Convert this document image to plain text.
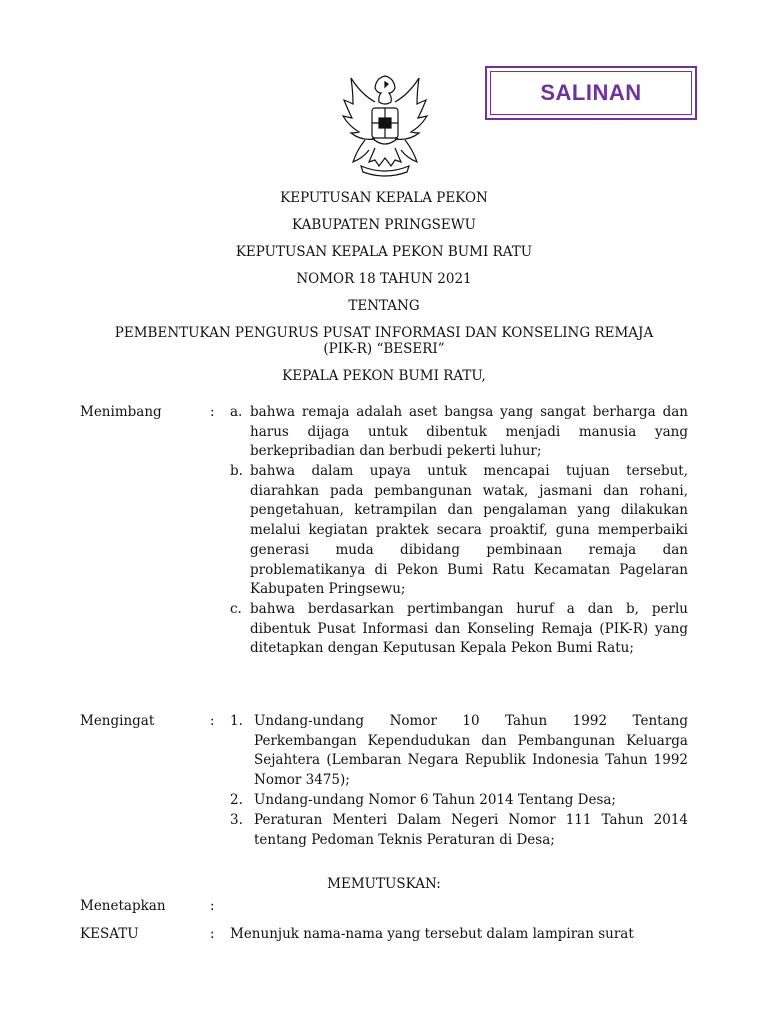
SALINAN
KEPUTUSAN KEPALA PEKON
KABUPATEN PRINGSEWU
KEPUTUSAN KEPALA PEKON BUMI RATU
NOMOR 18 TAHUN 2021
TENTANG
PEMBENTUKAN PENGURUS PUSAT INFORMASI DAN KONSELING REMAJA
(PIK-R) “BESERI”
KEPALA PEKON BUMI RATU,
Menimbang	: a. bahwa remaja adalah aset bangsa yang sangat berharga dan harus dijaga untuk dibentuk menjadi manusia yang berkepribadian dan berbudi pekerti luhur;
b. bahwa dalam upaya untuk mencapai tujuan tersebut, diarahkan pada pembangunan watak, jasmani dan rohani, pengetahuan, ketrampilan dan pengalaman yang dilakukan melalui kegiatan praktek secara proaktif, guna memperbaiki generasi muda dibidang pembinaan remaja dan problematikanya di Pekon Bumi Ratu Kecamatan Pagelaran Kabupaten Pringsewu;
c. bahwa berdasarkan pertimbangan huruf a dan b, perlu dibentuk Pusat Informasi dan Konseling Remaja (PIK-R) yang ditetapkan dengan Keputusan Kepala Pekon Bumi Ratu;
Mengingat	: 1. Undang-undang Nomor 10 Tahun 1992 Tentang Perkembangan Kependudukan dan Pembangunan Keluarga Sejahtera (Lembaran Negara Republik Indonesia Tahun 1992 Nomor 3475);
2. Undang-undang Nomor 6 Tahun 2014 Tentang Desa;
3. Peraturan Menteri Dalam Negeri Nomor 111 Tahun 2014 tentang Pedoman Teknis Peraturan di Desa;
MEMUTUSKAN:
Menetapkan	:
KESATU	: Menunjuk nama-nama yang tersebut dalam lampiran surat
